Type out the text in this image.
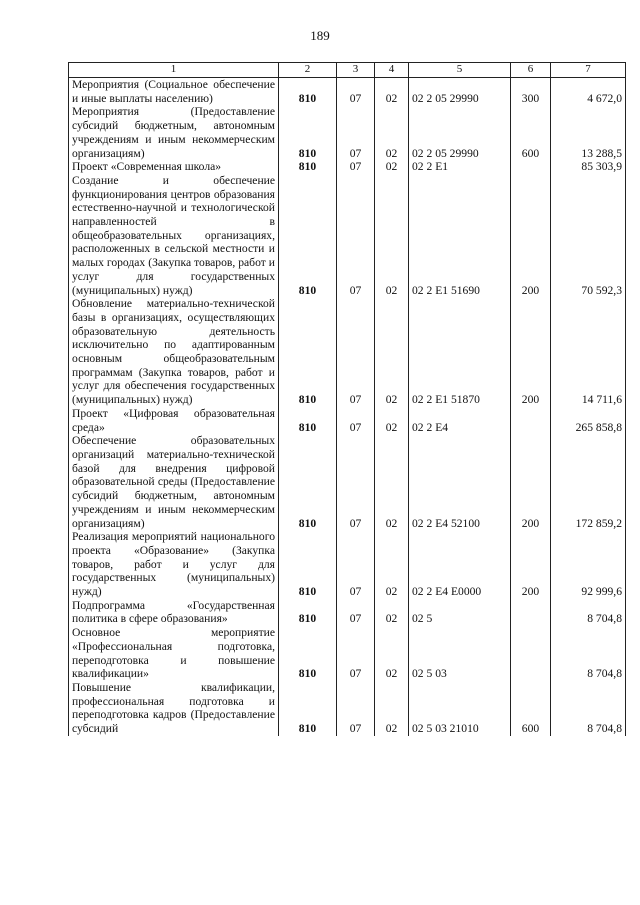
189
1	2	3	4	5	6	7
Мероприятия (Социальное обеспечение и иные выплаты населению)	810	07	02	02 2 05 29990	300	4 672,0
Мероприятия (Предоставление субсидий бюджетным, автономным учреждениям и иным некоммерческим организациям)	810	07	02	02 2 05 29990	600	13 288,5
Проект «Современная школа»	810	07	02	02 2 Е1		85 303,9
Создание и обеспечение функционирования центров образования естественно-научной и технологической направленностей в общеобразовательных организациях, расположенных в сельской местности и малых городах (Закупка товаров, работ и услуг для государственных (муниципальных) нужд)	810	07	02	02 2 Е1 51690	200	70 592,3
Обновление материально-технической базы в организациях, осуществляющих образовательную деятельность исключительно по адаптированным основным общеобразовательным программам (Закупка товаров, работ и услуг для обеспечения государственных (муниципальных) нужд)	810	07	02	02 2 Е1 51870	200	14 711,6
Проект «Цифровая образовательная среда»	810	07	02	02 2 Е4		265 858,8
Обеспечение образовательных организаций материально-технической базой для внедрения цифровой образовательной среды (Предоставление субсидий бюджетным, автономным учреждениям и иным некоммерческим организациям)	810	07	02	02 2 Е4 52100	200	172 859,2
Реализация мероприятий национального проекта «Образование» (Закупка товаров, работ и услуг для государственных (муниципальных) нужд)	810	07	02	02 2 Е4 Е0000	200	92 999,6
Подпрограмма «Государственная политика в сфере образования»	810	07	02	02 5		8 704,8
Основное мероприятие «Профессиональная подготовка, переподготовка и повышение квалификации»	810	07	02	02 5 03		8 704,8
Повышение квалификации, профессиональная подготовка и переподготовка кадров (Предоставление субсидий	810	07	02	02 5 03 21010	600	8 704,8
